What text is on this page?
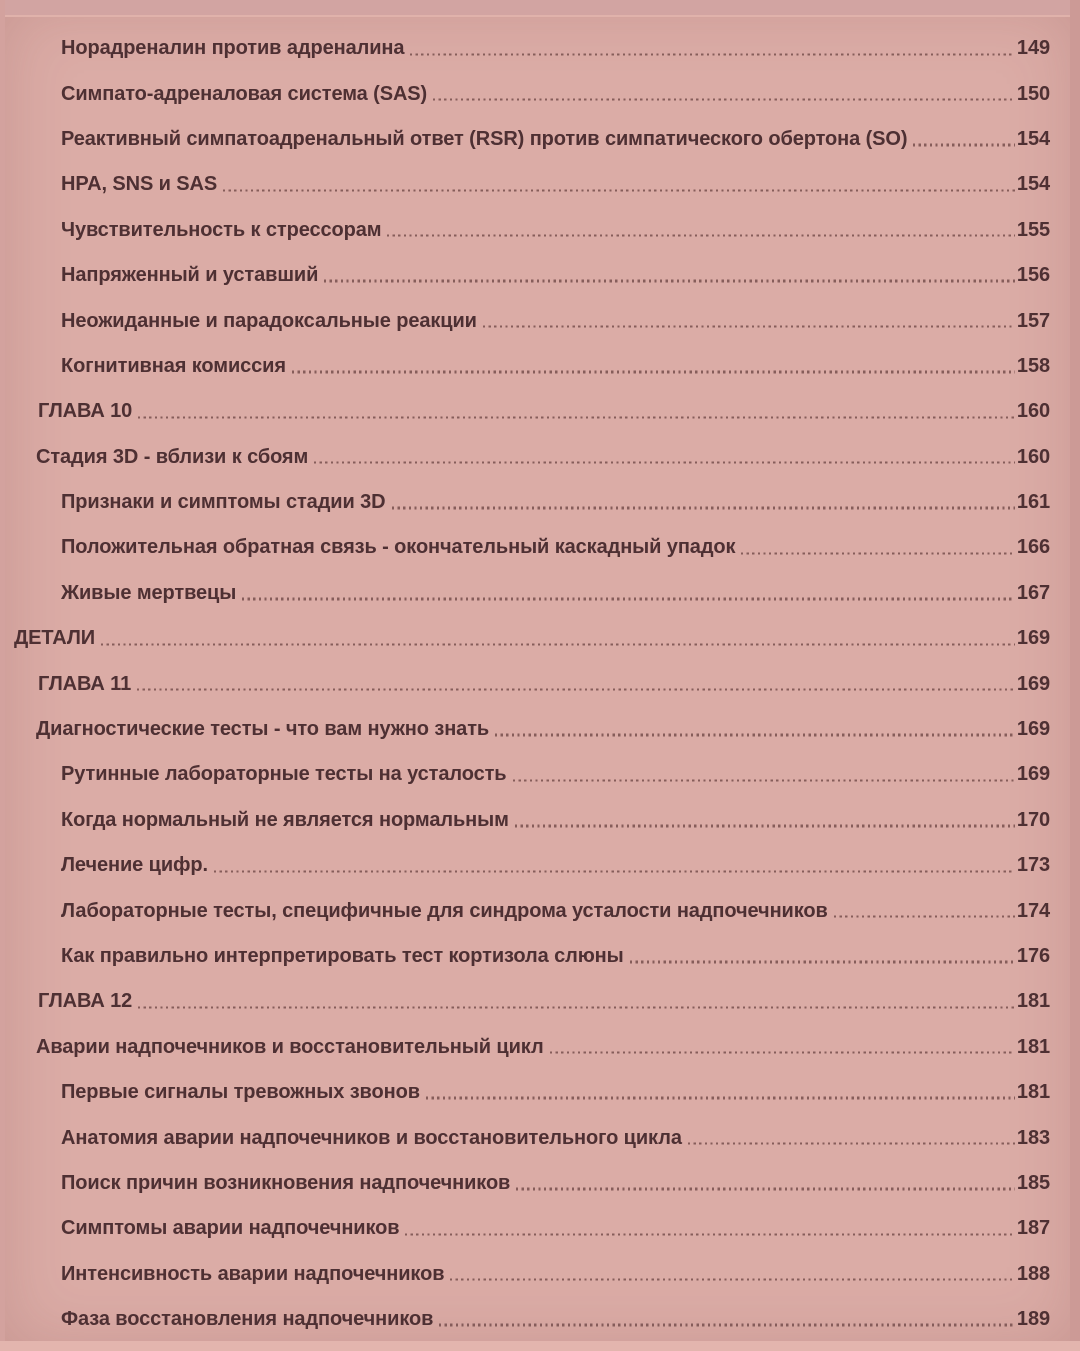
Норадреналин против адреналина	149
Симпато-адреналовая система (SAS)	150
Реактивный симпатоадренальный ответ (RSR) против симпатического обертона (SO)	154
HPA, SNS и SAS	154
Чувствительность к стрессорам	155
Напряженный и уставший	156
Неожиданные и парадоксальные реакции	157
Когнитивная комиссия	158
ГЛАВА 10	160
Стадия 3D - вблизи к сбоям	160
Признаки и симптомы стадии 3D	161
Положительная обратная связь - окончательный каскадный упадок	166
Живые мертвецы	167
ДЕТАЛИ	169
ГЛАВА 11	169
Диагностические тесты - что вам нужно знать	169
Рутинные лабораторные тесты на усталость	169
Когда нормальный не является нормальным	170
Лечение цифр.	173
Лабораторные тесты, специфичные для синдрома усталости надпочечников	174
Как правильно интерпретировать тест кортизола слюны	176
ГЛАВА 12	181
Аварии надпочечников и восстановительный цикл	181
Первые сигналы тревожных звонов	181
Анатомия аварии надпочечников и восстановительного цикла	183
Поиск причин возникновения надпочечников	185
Симптомы аварии надпочечников	187
Интенсивность аварии надпочечников	188
Фаза восстановления надпочечников	189
